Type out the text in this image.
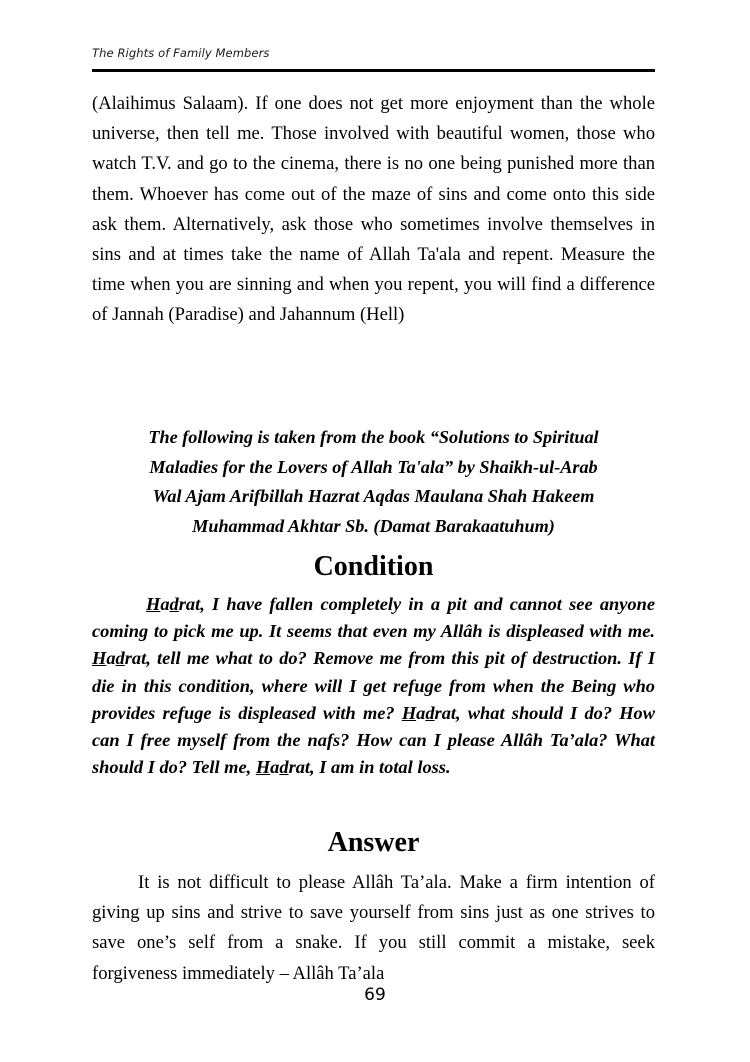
The Rights of Family Members

(Alaihimus Salaam). If one does not get more enjoyment than the whole universe, then tell me. Those involved with beautiful women, those who watch T.V. and go to the cinema, there is no one being punished more than them. Whoever has come out of the maze of sins and come onto this side ask them. Alternatively, ask those who sometimes involve themselves in sins and at times take the name of Allah Ta'ala and repent. Measure the time when you are sinning and when you repent, you will find a difference of Jannah (Paradise) and Jahannum (Hell)

The following is taken from the book “Solutions to Spiritual
Maladies for the Lovers of Allah Ta'ala” by Shaikh-ul-Arab
Wal Ajam Arifbillah Hazrat Aqdas Maulana Shah Hakeem
Muhammad Akhtar Sb. (Damat Barakaatuhum)
Condition

Hadrat, I have fallen completely in a pit and cannot see anyone coming to pick me up. It seems that even my Allâh is displeased with me. Hadrat, tell me what to do? Remove me from this pit of destruction. If I die in this condition, where will I get refuge from when the Being who provides refuge is displeased with me? Hadrat, what should I do? How can I free myself from the nafs? How can I please Allâh Ta’ala? What should I do? Tell me, Hadrat, I am in total loss.

Answer

It is not difficult to please Allâh Ta’ala. Make a firm intention of giving up sins and strive to save yourself from sins just as one strives to save one’s self from a snake. If you still commit a mistake, seek forgiveness immediately – Allâh Ta’ala

69
